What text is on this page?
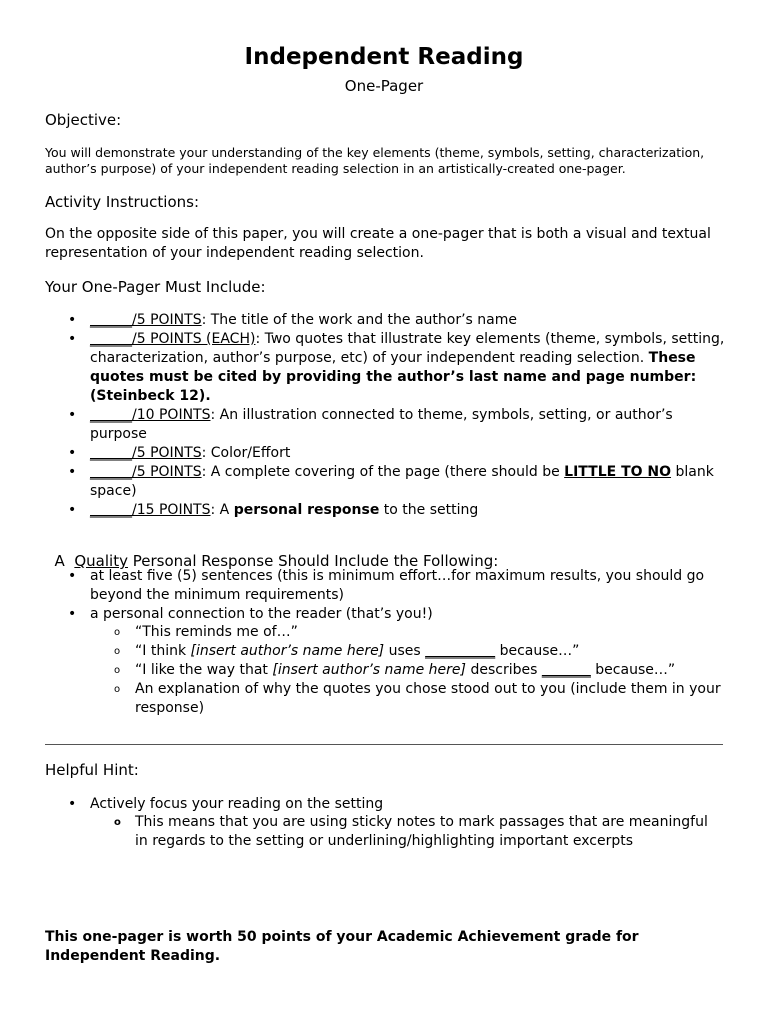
Independent Reading
One-Pager
Objective:
You will demonstrate your understanding of the key elements (theme, symbols, setting, characterization, author’s purpose) of your independent reading selection in an artistically-created one-pager.
Activity Instructions:
On the opposite side of this paper, you will create a one-pager that is both a visual and textual representation of your independent reading selection.
Your One-Pager Must Include:
• ______/5 POINTS: The title of the work and the author’s name
• ______/5 POINTS (EACH): Two quotes that illustrate key elements (theme, symbols, setting, characterization, author’s purpose, etc) of your independent reading selection. These quotes must be cited by providing the author’s last name and page number: (Steinbeck 12).
• ______/10 POINTS: An illustration connected to theme, symbols, setting, or author’s purpose
• ______/5 POINTS: Color/Effort
• ______/5 POINTS: A complete covering of the page (there should be LITTLE TO NO blank space)
• ______/15 POINTS: A personal response to the setting

A  Quality Personal Response Should Include the Following:

• at least five (5) sentences (this is minimum effort…for maximum results, you should go beyond the minimum requirements)
• a personal connection to the reader (that’s you!)
o “This reminds me of…”
o “I think [insert author’s name here] uses __________ because…”
o “I like the way that [insert author’s name here] describes _______ because…”
o An explanation of why the quotes you chose stood out to you (include them in your response)
Helpful Hint:
• Actively focus your reading on the setting
o This means that you are using sticky notes to mark passages that are meaningful in regards to the setting or underlining/highlighting important excerpts
This one-pager is worth 50 points of your Academic Achievement grade for Independent Reading.
